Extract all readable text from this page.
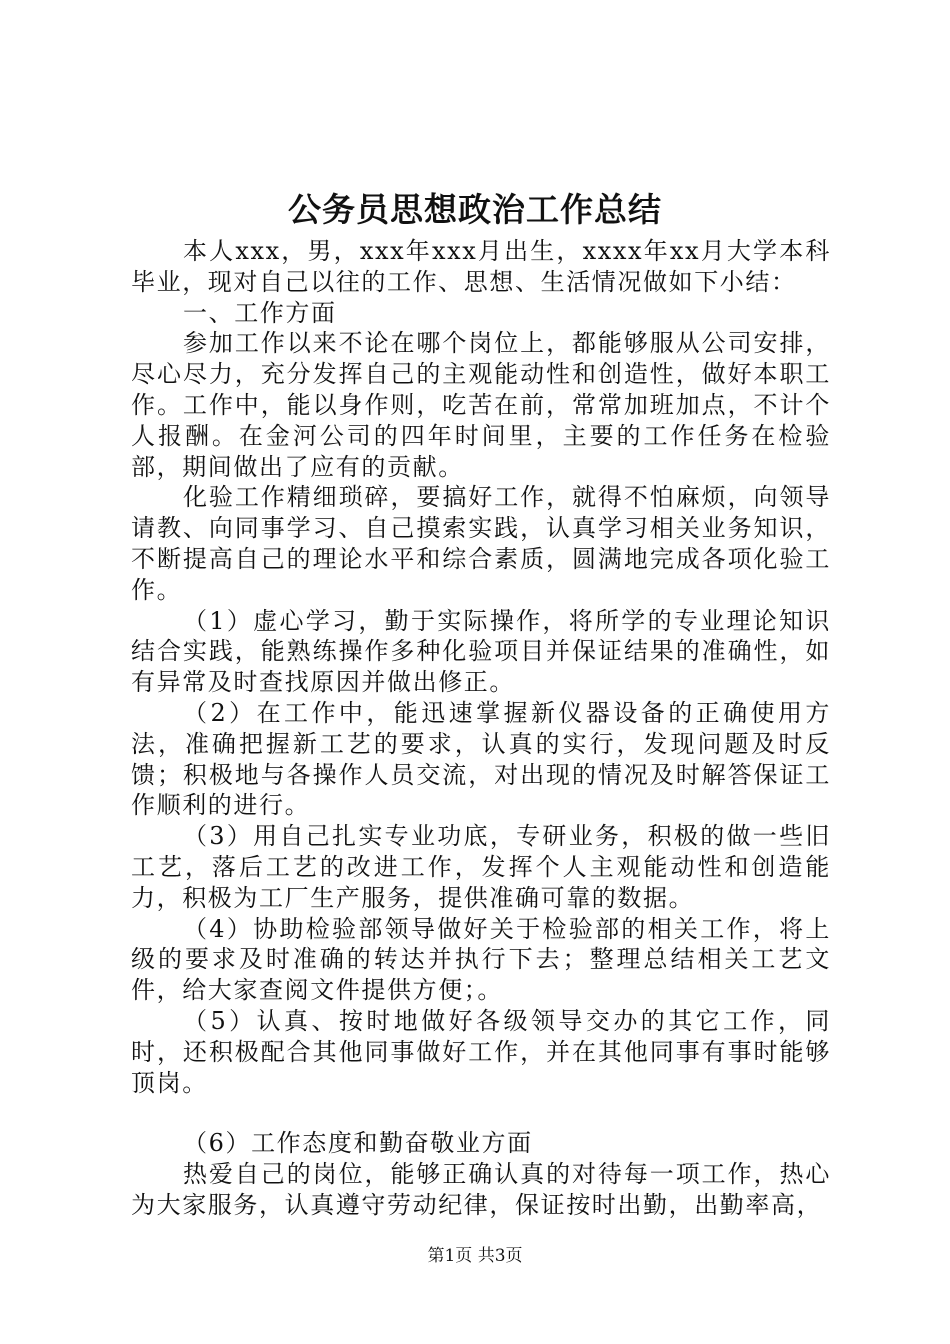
公务员思想政治工作总结

本人xxx，男，xxx年xxx月出生，xxxx年xx月大学本科毕业，现对自己以往的工作、思想、生活情况做如下小结：

一、工作方面

参加工作以来不论在哪个岗位上，都能够服从公司安排，尽心尽力，充分发挥自己的主观能动性和创造性，做好本职工作。工作中，能以身作则，吃苦在前，常常加班加点，不计个人报酬。在金河公司的四年时间里，主要的工作任务在检验部，期间做出了应有的贡献。

化验工作精细琐碎，要搞好工作，就得不怕麻烦，向领导请教、向同事学习、自己摸索实践，认真学习相关业务知识，不断提高自己的理论水平和综合素质，圆满地完成各项化验工作。

（1）虚心学习，勤于实际操作，将所学的专业理论知识结合实践，能熟练操作多种化验项目并保证结果的准确性，如有异常及时查找原因并做出修正。

（2）在工作中，能迅速掌握新仪器设备的正确使用方法，准确把握新工艺的要求，认真的实行，发现问题及时反馈；积极地与各操作人员交流，对出现的情况及时解答保证工作顺利的进行。

（3）用自己扎实专业功底，专研业务，积极的做一些旧工艺，落后工艺的改进工作，发挥个人主观能动性和创造能力，积极为工厂生产服务，提供准确可靠的数据。

（4）协助检验部领导做好关于检验部的相关工作，将上级的要求及时准确的转达并执行下去；整理总结相关工艺文件，给大家查阅文件提供方便；。

（5）认真、按时地做好各级领导交办的其它工作，同时，还积极配合其他同事做好工作，并在其他同事有事时能够顶岗。

（6）工作态度和勤奋敬业方面

热爱自己的岗位，能够正确认真的对待每一项工作，热心为大家服务，认真遵守劳动纪律，保证按时出勤，出勤率高，

第1页 共3页
